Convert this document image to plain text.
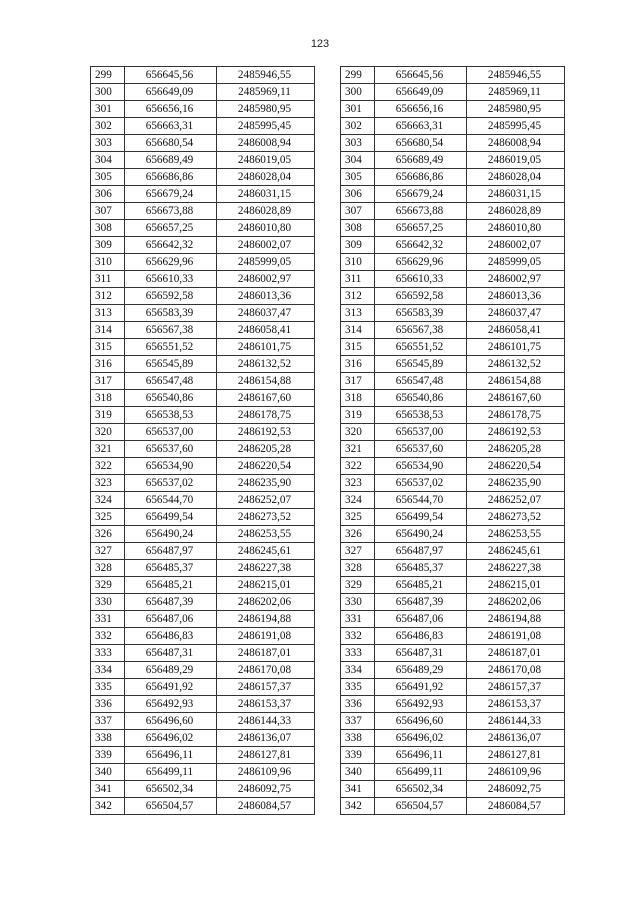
123
299	656645,56	2485946,55
300	656649,09	2485969,11
301	656656,16	2485980,95
302	656663,31	2485995,45
303	656680,54	2486008,94
304	656689,49	2486019,05
305	656686,86	2486028,04
306	656679,24	2486031,15
307	656673,88	2486028,89
308	656657,25	2486010,80
309	656642,32	2486002,07
310	656629,96	2485999,05
311	656610,33	2486002,97
312	656592,58	2486013,36
313	656583,39	2486037,47
314	656567,38	2486058,41
315	656551,52	2486101,75
316	656545,89	2486132,52
317	656547,48	2486154,88
318	656540,86	2486167,60
319	656538,53	2486178,75
320	656537,00	2486192,53
321	656537,60	2486205,28
322	656534,90	2486220,54
323	656537,02	2486235,90
324	656544,70	2486252,07
325	656499,54	2486273,52
326	656490,24	2486253,55
327	656487,97	2486245,61
328	656485,37	2486227,38
329	656485,21	2486215,01
330	656487,39	2486202,06
331	656487,06	2486194,88
332	656486,83	2486191,08
333	656487,31	2486187,01
334	656489,29	2486170,08
335	656491,92	2486157,37
336	656492,93	2486153,37
337	656496,60	2486144,33
338	656496,02	2486136,07
339	656496,11	2486127,81
340	656499,11	2486109,96
341	656502,34	2486092,75
342	656504,57	2486084,57
299	656645,56	2485946,55
300	656649,09	2485969,11
301	656656,16	2485980,95
302	656663,31	2485995,45
303	656680,54	2486008,94
304	656689,49	2486019,05
305	656686,86	2486028,04
306	656679,24	2486031,15
307	656673,88	2486028,89
308	656657,25	2486010,80
309	656642,32	2486002,07
310	656629,96	2485999,05
311	656610,33	2486002,97
312	656592,58	2486013,36
313	656583,39	2486037,47
314	656567,38	2486058,41
315	656551,52	2486101,75
316	656545,89	2486132,52
317	656547,48	2486154,88
318	656540,86	2486167,60
319	656538,53	2486178,75
320	656537,00	2486192,53
321	656537,60	2486205,28
322	656534,90	2486220,54
323	656537,02	2486235,90
324	656544,70	2486252,07
325	656499,54	2486273,52
326	656490,24	2486253,55
327	656487,97	2486245,61
328	656485,37	2486227,38
329	656485,21	2486215,01
330	656487,39	2486202,06
331	656487,06	2486194,88
332	656486,83	2486191,08
333	656487,31	2486187,01
334	656489,29	2486170,08
335	656491,92	2486157,37
336	656492,93	2486153,37
337	656496,60	2486144,33
338	656496,02	2486136,07
339	656496,11	2486127,81
340	656499,11	2486109,96
341	656502,34	2486092,75
342	656504,57	2486084,57
